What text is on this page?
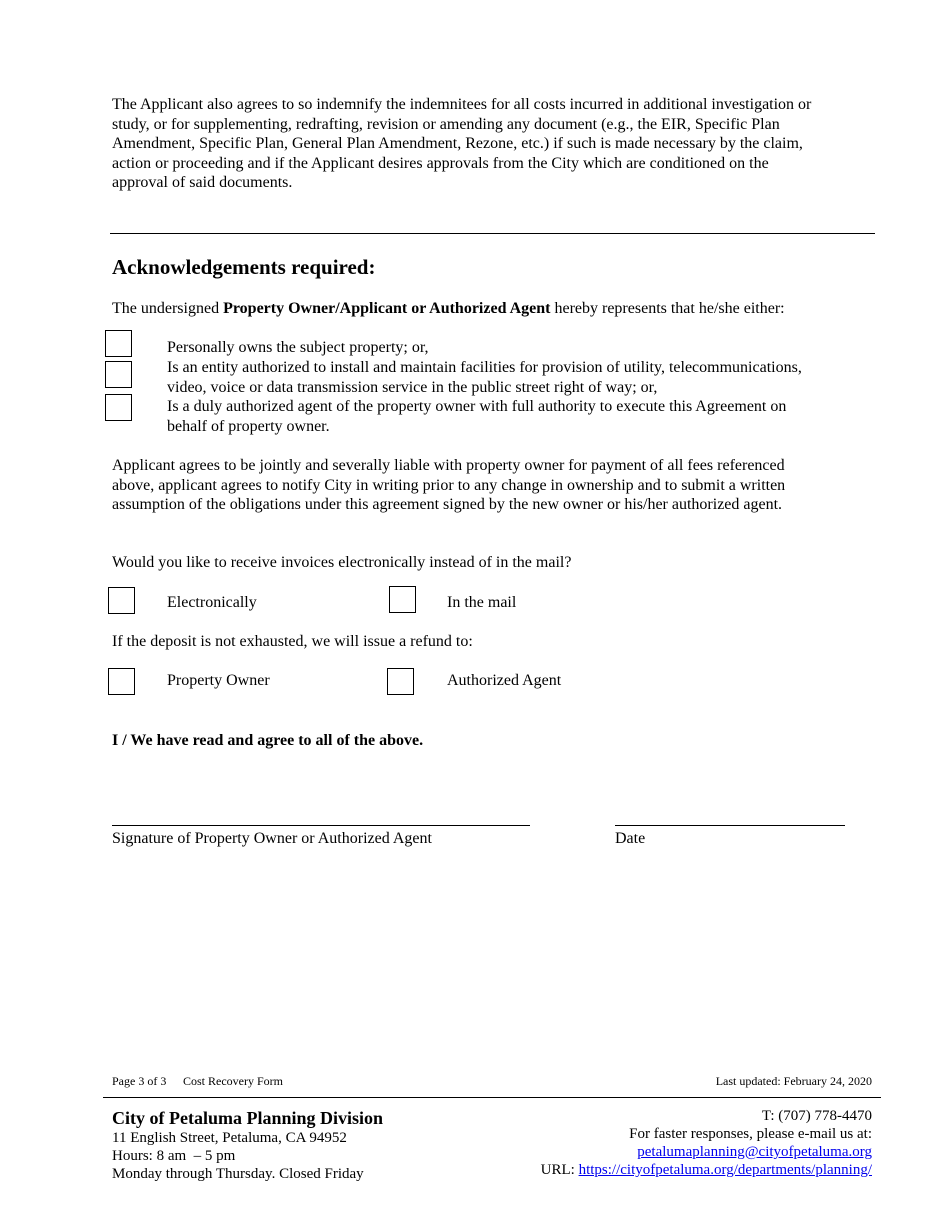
The Applicant also agrees to so indemnify the indemnitees for all costs incurred in additional investigation or
study, or for supplementing, redrafting, revision or amending any document (e.g., the EIR, Specific Plan
Amendment, Specific Plan, General Plan Amendment, Rezone, etc.) if such is made necessary by the claim,
action or proceeding and if the Applicant desires approvals from the City which are conditioned on the
approval of said documents.
Acknowledgements required:
The undersigned Property Owner/Applicant or Authorized Agent hereby represents that he/she either:
Personally owns the subject property; or,
Is an entity authorized to install and maintain facilities for provision of utility, telecommunications,
video, voice or data transmission service in the public street right of way; or,
Is a duly authorized agent of the property owner with full authority to execute this Agreement on
behalf of property owner.
Applicant agrees to be jointly and severally liable with property owner for payment of all fees referenced
above, applicant agrees to notify City in writing prior to any change in ownership and to submit a written
assumption of the obligations under this agreement signed by the new owner or his/her authorized agent.
Would you like to receive invoices electronically instead of in the mail?
Electronically	In the mail
If the deposit is not exhausted, we will issue a refund to:
Property Owner	Authorized Agent
I / We have read and agree to all of the above.
Signature of Property Owner or Authorized Agent	Date
Page 3 of 3 Cost Recovery Form	Last updated: February 24, 2020
City of Petaluma Planning Division
11 English Street, Petaluma, CA 94952
Hours: 8 am  – 5 pm
Monday through Thursday. Closed Friday
T: (707) 778-4470
For faster responses, please e-mail us at:
petalumaplanning@cityofpetaluma.org
URL: https://cityofpetaluma.org/departments/planning/
